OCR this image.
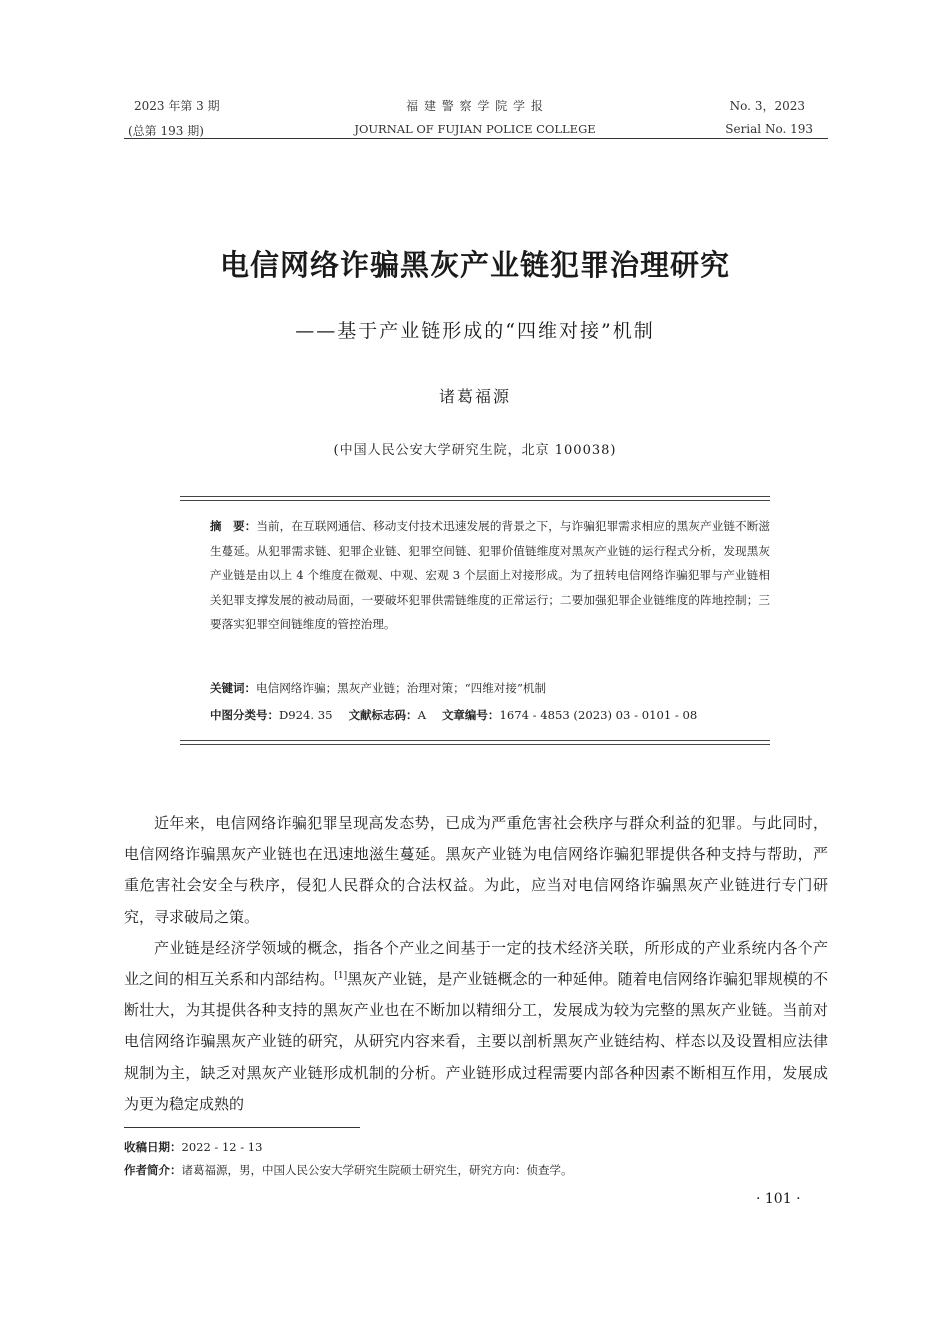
2023 年第 3 期
(总第 193 期)
福 建 警 察 学 院 学 报
JOURNAL OF FUJIAN POLICE COLLEGE
No. 3，2023
Serial No. 193
电信网络诈骗黑灰产业链犯罪治理研究
——基于产业链形成的“四维对接”机制
诸葛福源
(中国人民公安大学研究生院，北京 100038)
摘　要：当前，在互联网通信、移动支付技术迅速发展的背景之下，与诈骗犯罪需求相应的黑灰产业链不断滋生蔓延。从犯罪需求链、犯罪企业链、犯罪空间链、犯罪价值链维度对黑灰产业链的运行程式分析，发现黑灰产业链是由以上 4 个维度在微观、中观、宏观 3 个层面上对接形成。为了扭转电信网络诈骗犯罪与产业链相关犯罪支撑发展的被动局面，一要破坏犯罪供需链维度的正常运行；二要加强犯罪企业链维度的阵地控制；三要落实犯罪空间链维度的管控治理。
关键词：电信网络诈骗；黑灰产业链；治理对策；“四维对接”机制
中图分类号：D924. 35 文献标志码：A 文章编号：1674 - 4853 (2023) 03 - 0101 - 08

近年来，电信网络诈骗犯罪呈现高发态势，已成为严重危害社会秩序与群众利益的犯罪。与此同时，电信网络诈骗黑灰产业链也在迅速地滋生蔓延。黑灰产业链为电信网络诈骗犯罪提供各种支持与帮助，严重危害社会安全与秩序，侵犯人民群众的合法权益。为此，应当对电信网络诈骗黑灰产业链进行专门研究，寻求破局之策。

产业链是经济学领域的概念，指各个产业之间基于一定的技术经济关联，所形成的产业系统内各个产业之间的相互关系和内部结构。[1]黑灰产业链，是产业链概念的一种延伸。随着电信网络诈骗犯罪规模的不断壮大，为其提供各种支持的黑灰产业也在不断加以精细分工，发展成为较为完整的黑灰产业链。当前对电信网络诈骗黑灰产业链的研究，从研究内容来看，主要以剖析黑灰产业链结构、样态以及设置相应法律规制为主，缺乏对黑灰产业链形成机制的分析。产业链形成过程需要内部各种因素不断相互作用，发展成为更为稳定成熟的

收稿日期：2022 - 12 - 13
作者简介：诸葛福源，男，中国人民公安大学研究生院硕士研究生，研究方向：侦查学。
· 101 ·
